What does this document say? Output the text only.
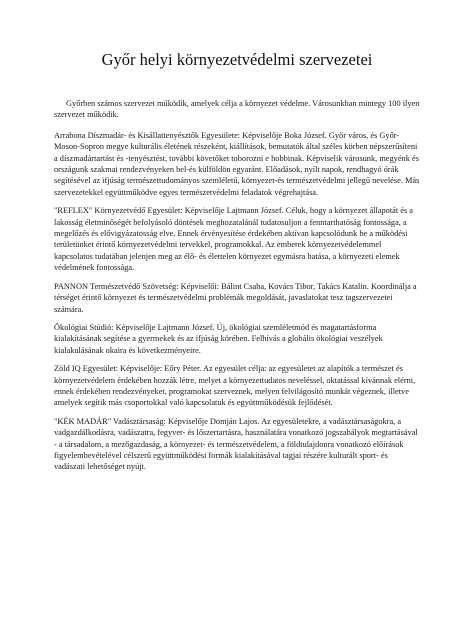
Győr helyi környezetvédelmi szervezetei

Győrben számos szervezet működik, amelyek célja a környezet védelme. Városunkban mintegy 100 ilyen szervezet működik.

Arrabona Díszmadár- és Kisállattenyésztők Egyesülete: Képviselője Boka József. Győr város, és Győr-Moson-Sopron megye kulturális életének részeként, kiállítások, bemutatók által széles körben népszerűsíteni a díszmadártartást és -tenyésztést, további követőket toborozni e hobbinak. Képviselik városunk, megyénk és országunk szakmai rendezvényeken bel-és külföldön egyaránt. Előadások, nyílt napok, rendhagyó órák segítésével az ifjúság természettudományos szemléletű, környezet-és természetvédelmi jellegű nevelése. Más szervezetekkel együttműködve egyes természetvédelmi feladatok végrehajtása.

"REFLEX" Környezetvédő Egyesület: Képviselője Lajtmann József. Céluk, hogy a környezet állapotát és a lakosság életminőségét befolyásoló döntések meghozatalánál tudatosuljon a fenntarthatóság fontossága, a megelőzés és elővigyázatosság elve. Ennek érvényesítése érdekében aktívan kapcsolódunk be a működési területünket érintő környezetvédelmi tervekkel, programokkal. Az emberek környezetvédelemmel kapcsolatos tudatában jelenjen meg az élő- és élettelen környezet egymásra hatása, a környezeti elemek védelmének fontossága.

PANNON Természetvédő Szövetség: Képviselői: Bálint Csaba, Kovács Tibor, Takács Katalin. Koordinálja a térséget érintő környezet és természetvédelmi problémák megoldását, javaslatokat tesz tagszervezetei számára.

Ökológiai Stúdió: Képviselője Lajtmann József. Új, ökológiai szemléletmód és magatartásforma kialakításának segítése a gyermekek és az ifjúság körében. Felhívás a globális ökológiai veszélyek kialakulásának okaira és következményeire.

Zöld IQ Egyesület: Képviselője: Eőry Péter. Az egyesület célja: az egyesületet az alapítók a természet és környezetvédelem érdekében hozzák létre, melyet a környezettudatos neveléssel, oktatással kívánnak elérni, ennek érdekében rendezvényeket, programokat szerveznek, melyen felvilágosító munkát végeznek, illetve amelyek segítik más csoportokkal való kapcsolatuk és együttműködésük fejlődését.

"KÉK MADÁR" Vadásztársaság: Képviselője Domján Lajos. Az egyesületekre, a vadásztársaságokra, a vadgazdálkodásra, vadászatra, fegyver- és lőszertartásra, használatára vonatkozó jogszabályok megtartásával - a társadalom, a mezőgazdaság, a környezet- és természetvédelem, a földtulajdonra vonatkozó előírások figyelembevételével célszerű együttműködési formák kialakításával tagjai részére kulturált sport- és vadászati lehetőséget nyújt.
